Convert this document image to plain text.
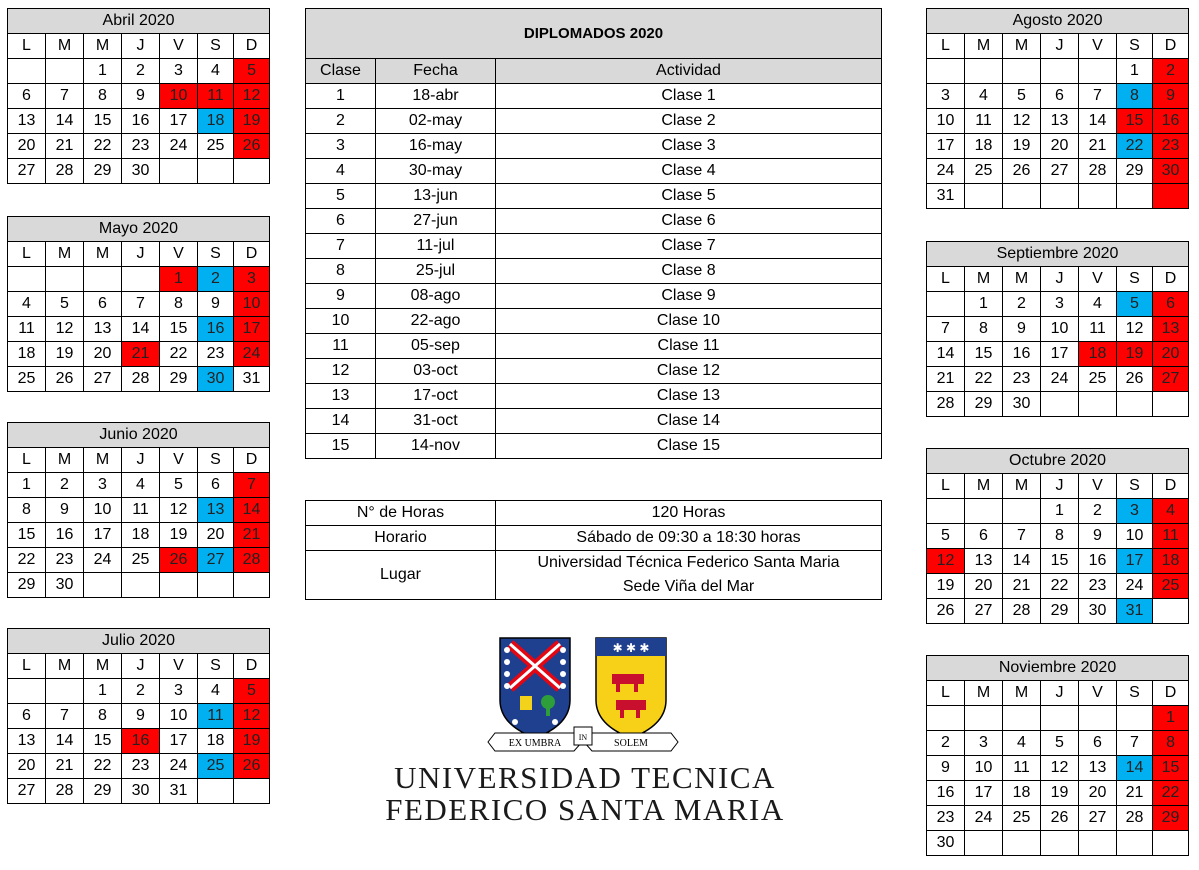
Abril 2020						
L	M	M	J	V	S	D
		1	2	3	4	5
6	7	8	9	10	11	12
13	14	15	16	17	18	19
20	21	22	23	24	25	26
27	28	29	30			
Mayo 2020						
L	M	M	J	V	S	D
				1	2	3
4	5	6	7	8	9	10
11	12	13	14	15	16	17
18	19	20	21	22	23	24
25	26	27	28	29	30	31
Junio 2020						
L	M	M	J	V	S	D
1	2	3	4	5	6	7
8	9	10	11	12	13	14
15	16	17	18	19	20	21
22	23	24	25	26	27	28
29	30					
Julio 2020						
L	M	M	J	V	S	D
		1	2	3	4	5
6	7	8	9	10	11	12
13	14	15	16	17	18	19
20	21	22	23	24	25	26
27	28	29	30	31		
Agosto 2020						
L	M	M	J	V	S	D
					1	2
3	4	5	6	7	8	9
10	11	12	13	14	15	16
17	18	19	20	21	22	23
24	25	26	27	28	29	30
31						
Septiembre 2020						
L	M	M	J	V	S	D
	1	2	3	4	5	6
7	8	9	10	11	12	13
14	15	16	17	18	19	20
21	22	23	24	25	26	27
28	29	30				
Octubre 2020						
L	M	M	J	V	S	D
			1	2	3	4
5	6	7	8	9	10	11
12	13	14	15	16	17	18
19	20	21	22	23	24	25
26	27	28	29	30	31	
Noviembre 2020						
L	M	M	J	V	S	D
						1
2	3	4	5	6	7	8
9	10	11	12	13	14	15
16	17	18	19	20	21	22
23	24	25	26	27	28	29
30						
DIPLOMADOS 2020		
Clase	Fecha	Actividad
1	18-abr	Clase 1
2	02-may	Clase 2
3	16-may	Clase 3
4	30-may	Clase 4
5	13-jun	Clase 5
6	27-jun	Clase 6
7	11-jul	Clase 7
8	25-jul	Clase 8
9	08-ago	Clase 9
10	22-ago	Clase 10
11	05-sep	Clase 11
12	03-oct	Clase 12
13	17-oct	Clase 13
14	31-oct	Clase 14
15	14-nov	Clase 15
N° de Horas	120 Horas
Horario	Sábado de 09:30 a 18:30 horas
Lugar	Universidad Técnica Federico Santa Maria
	Sede Viña del Mar
✱ ✱ ✱
EX UMBRA
IN
SOLEM
UNIVERSIDAD TECNICA
FEDERICO SANTA MARIA
